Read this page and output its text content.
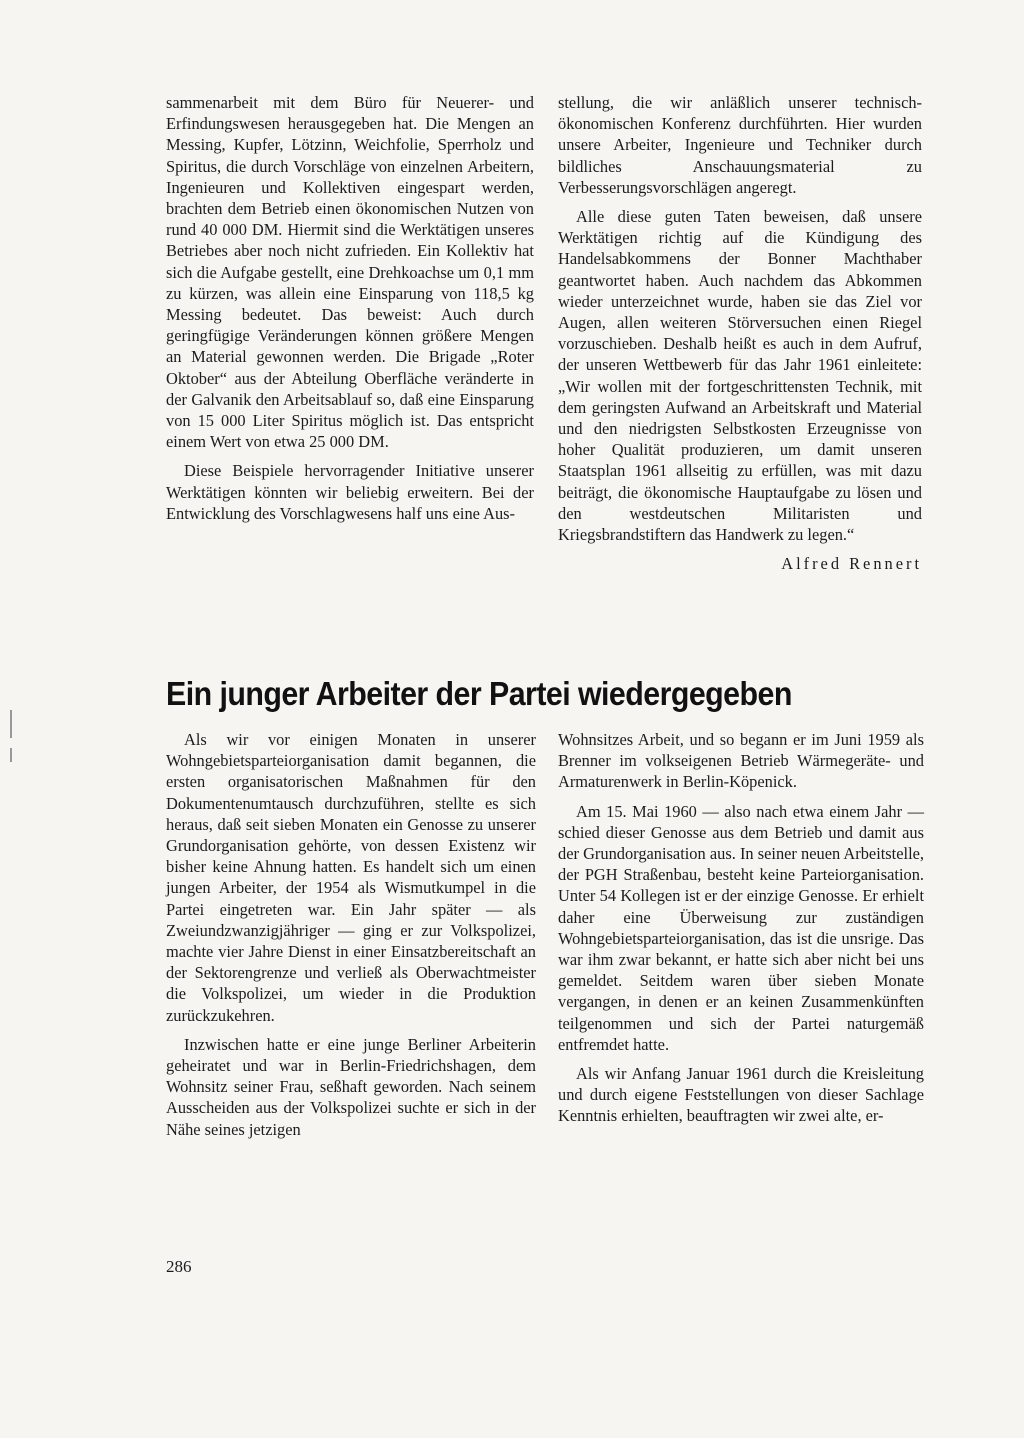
sammenarbeit mit dem Büro für Neuerer- und Erfindungswesen herausgegeben hat. Die Mengen an Messing, Kupfer, Lötzinn, Weichfolie, Sperrholz und Spiritus, die durch Vorschläge von einzelnen Arbeitern, Ingenieuren und Kollektiven eingespart werden, brachten dem Betrieb einen ökonomischen Nutzen von rund 40 000 DM. Hiermit sind die Werktätigen unseres Betriebes aber noch nicht zufrieden. Ein Kollektiv hat sich die Aufgabe gestellt, eine Drehkoachse um 0,1 mm zu kürzen, was allein eine Einsparung von 118,5 kg Messing bedeutet. Das beweist: Auch durch geringfügige Veränderungen können größere Mengen an Material gewonnen werden. Die Brigade „Roter Oktober“ aus der Abteilung Oberfläche veränderte in der Galvanik den Arbeitsablauf so, daß eine Einsparung von 15 000 Liter Spiritus möglich ist. Das entspricht einem Wert von etwa 25 000 DM.

Diese Beispiele hervorragender Initiative unserer Werktätigen könnten wir beliebig erweitern. Bei der Entwicklung des Vorschlagwesens half uns eine Aus-

stellung, die wir anläßlich unserer technisch-ökonomischen Konferenz durchführten. Hier wurden unsere Arbeiter, Ingenieure und Techniker durch bildliches Anschauungsmaterial zu Verbesserungsvorschlägen angeregt.

Alle diese guten Taten beweisen, daß unsere Werktätigen richtig auf die Kündigung des Handelsabkommens der Bonner Machthaber geantwortet haben. Auch nachdem das Abkommen wieder unterzeichnet wurde, haben sie das Ziel vor Augen, allen weiteren Störversuchen einen Riegel vorzuschieben. Deshalb heißt es auch in dem Aufruf, der unseren Wettbewerb für das Jahr 1961 einleitete: „Wir wollen mit der fortgeschrittensten Technik, mit dem geringsten Aufwand an Arbeitskraft und Material und den niedrigsten Selbstkosten Erzeugnisse von hoher Qualität produzieren, um damit unseren Staatsplan 1961 allseitig zu erfüllen, was mit dazu beiträgt, die ökonomische Hauptaufgabe zu lösen und den westdeutschen Militaristen und Kriegsbrandstiftern das Handwerk zu legen.“

Alfred Rennert
Ein junger Arbeiter der Partei wiedergegeben

Als wir vor einigen Monaten in unserer Wohngebietsparteiorganisation damit begannen, die ersten organisatorischen Maßnahmen für den Dokumentenumtausch durchzuführen, stellte es sich heraus, daß seit sieben Monaten ein Genosse zu unserer Grundorganisation gehörte, von dessen Existenz wir bisher keine Ahnung hatten. Es handelt sich um einen jungen Arbeiter, der 1954 als Wismutkumpel in die Partei eingetreten war. Ein Jahr später — als Zweiundzwanzigjähriger — ging er zur Volkspolizei, machte vier Jahre Dienst in einer Einsatzbereitschaft an der Sektorengrenze und verließ als Oberwachtmeister die Volkspolizei, um wieder in die Produktion zurückzukehren.

Inzwischen hatte er eine junge Berliner Arbeiterin geheiratet und war in Berlin-Friedrichshagen, dem Wohnsitz seiner Frau, seßhaft geworden. Nach seinem Ausscheiden aus der Volkspolizei suchte er sich in der Nähe seines jetzigen

Wohnsitzes Arbeit, und so begann er im Juni 1959 als Brenner im volkseigenen Betrieb Wärmegeräte- und Armaturenwerk in Berlin-Köpenick.

Am 15. Mai 1960 — also nach etwa einem Jahr — schied dieser Genosse aus dem Betrieb und damit aus der Grundorganisation aus. In seiner neuen Arbeitstelle, der PGH Straßenbau, besteht keine Parteiorganisation. Unter 54 Kollegen ist er der einzige Genosse. Er erhielt daher eine Überweisung zur zuständigen Wohngebietsparteiorganisation, das ist die unsrige. Das war ihm zwar bekannt, er hatte sich aber nicht bei uns gemeldet. Seitdem waren über sieben Monate vergangen, in denen er an keinen Zusammenkünften teilgenommen und sich der Partei naturgemäß entfremdet hatte.

Als wir Anfang Januar 1961 durch die Kreisleitung und durch eigene Feststellungen von dieser Sachlage Kenntnis erhielten, beauftragten wir zwei alte, er-

286
